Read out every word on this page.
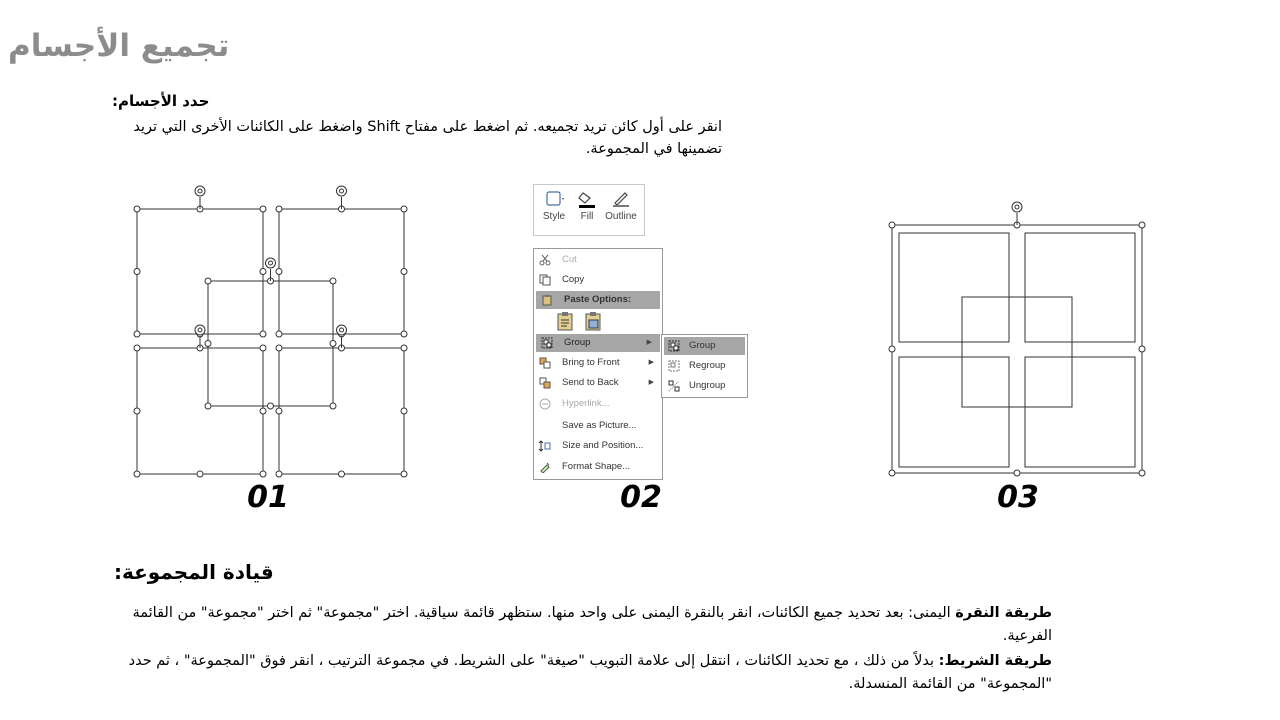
تجميع الأجسام
حدد الأجسام:
انقر على أول كائن تريد تجميعه. ثم اضغط على مفتاح Shift واضغط على الكائنات الأخرى التي تريد تضمينها في المجموعة.
01	02	03
Style	Fill	Outline
Cut
Copy
Paste Options:
Group	▶
Bring to Front	▶
Send to Back	▶
Hyperlink...
Save as Picture...
Size and Position...
Format Shape...
Group
Regroup
Ungroup
قيادة المجموعة:
طريقة النقرة اليمنى: بعد تحديد جميع الكائنات، انقر بالنقرة اليمنى على واحد منها. ستظهر قائمة سياقية. اختر "مجموعة" ثم اختر "مجموعة" من القائمة الفرعية.
طريقة الشريط: بدلاً من ذلك ، مع تحديد الكائنات ، انتقل إلى علامة التبويب "صيغة" على الشريط. في مجموعة الترتيب ، انقر فوق "المجموعة" ، ثم حدد "المجموعة" من القائمة المنسدلة.
